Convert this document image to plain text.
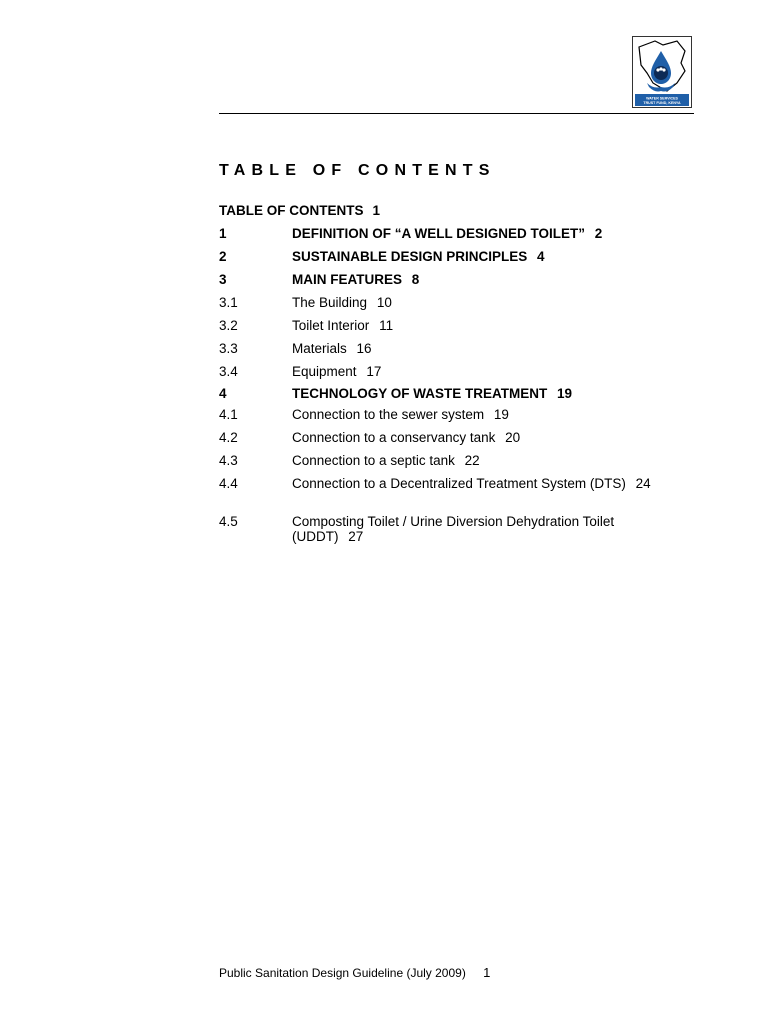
WATER SERVICES
TRUST FUND, KENYA
TABLE OF CONTENTS
TABLE OF CONTENTS 1
1	DEFINITION OF “A WELL DESIGNED TOILET” 2
2	SUSTAINABLE DESIGN PRINCIPLES 4
3	MAIN FEATURES 8
3.1	The Building 10
3.2	Toilet Interior 11
3.3	Materials 16
3.4	Equipment 17
4	TECHNOLOGY OF WASTE TREATMENT 19
4.1	Connection to the sewer system 19
4.2	Connection to a conservancy tank 20
4.3	Connection to a septic tank 22
4.4	Connection to a Decentralized Treatment System (DTS) 24
4.5	Composting Toilet / Urine Diversion Dehydration Toilet (UDDT) 27
Public Sanitation Design Guideline (July 2009) 1
